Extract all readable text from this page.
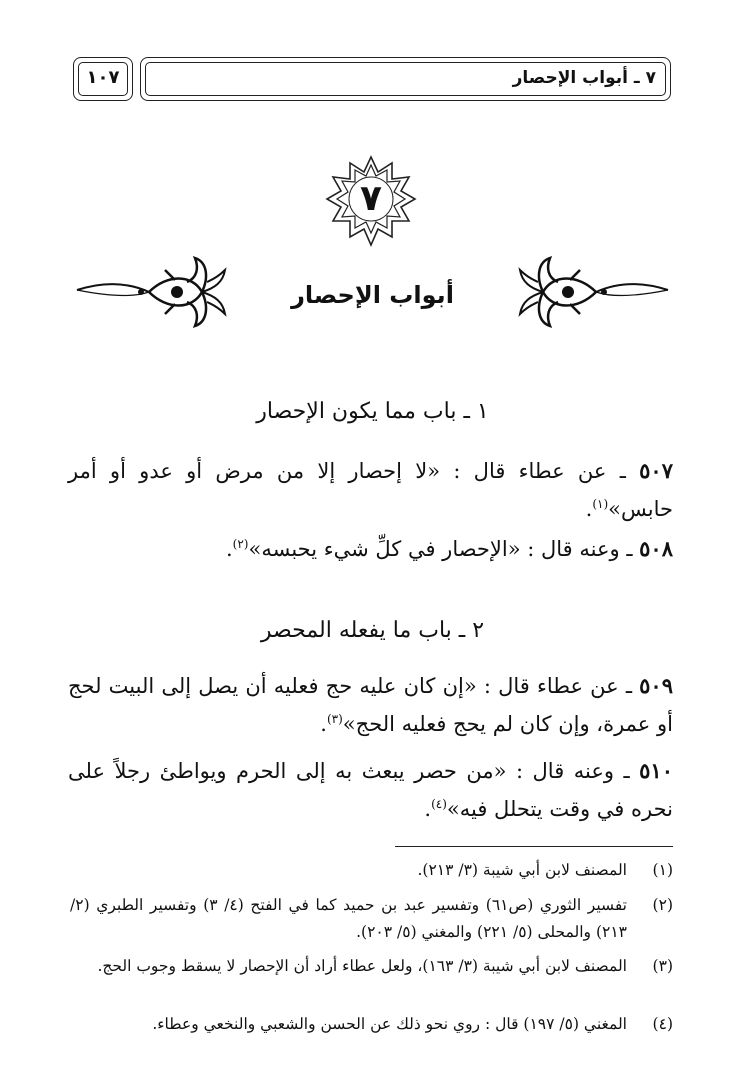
٧ ـ أبواب الإحصار
١٠٧
٧
أبواب الإحصار
١ ـ باب مما يكون الإحصار
٥٠٧ ـ عن عطاء قال : «لا إحصار إلا من مرض أو عدو أو أمر حابس»$^{(١)}$.
٥٠٨ ـ وعنه قال : «الإحصار في كلِّ شيء يحبسه»$^{(٢)}$.
٢ ـ باب ما يفعله المحصر
٥٠٩ ـ عن عطاء قال : «إن كان عليه حج فعليه أن يصل إلى البيت لحج أو عمرة، وإن كان لم يحج فعليه الحج»$^{(٣)}$.
٥١٠ ـ وعنه قال : «من حصر يبعث به إلى الحرم ويواطئ رجلاً على نحره في وقت يتحلل فيه»$^{(٤)}$.
(١)
المصنف لابن أبي شيبة (٣/ ٢١٣).
(٢)
تفسير الثوري (ص٦١) وتفسير عبد بن حميد كما في الفتح (٤/ ٣) وتفسير الطبري (٢/ ٢١٣) والمحلى (٥/ ٢٢١) والمغني (٥/ ٢٠٣).
(٣)
المصنف لابن أبي شيبة (٣/ ١٦٣)، ولعل عطاء أراد أن الإحصار لا يسقط وجوب الحج.
(٤)
المغني (٥/ ١٩٧) قال : روي نحو ذلك عن الحسن والشعبي والنخعي وعطاء.
